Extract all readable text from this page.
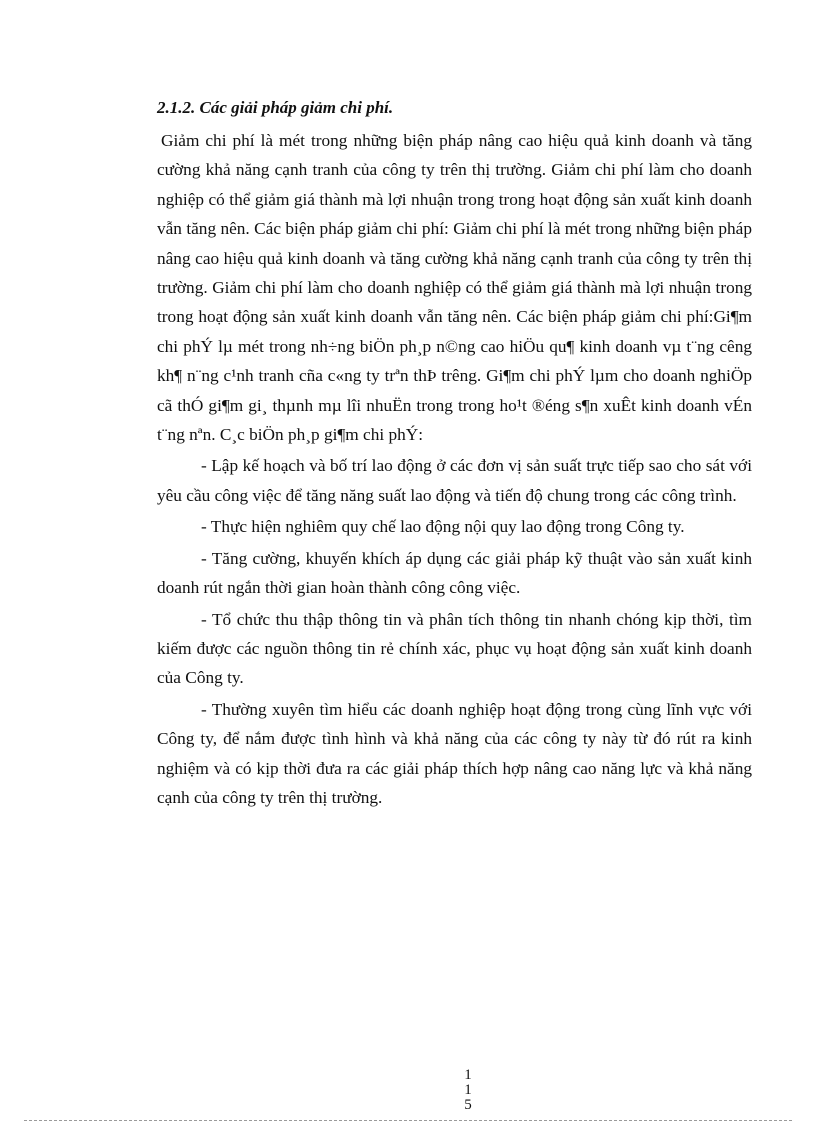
2.1.2. Các giải pháp giảm chi phí.

Giảm chi phí là mét trong những biện pháp nâng cao hiệu quả kinh doanh và tăng cường khả năng cạnh tranh của công ty trên thị trường. Giảm chi phí làm cho doanh nghiệp có thể giảm giá thành mà lợi nhuận trong trong hoạt động sản xuất kinh doanh vẫn tăng nên. Các biện pháp giảm chi phí: Giảm chi phí là mét trong những biện pháp nâng cao hiệu quả kinh doanh và tăng cường khả năng cạnh tranh của công ty trên thị trường. Giảm chi phí làm cho doanh nghiệp có thể giảm giá thành mà lợi nhuận trong trong hoạt động sản xuất kinh doanh vẫn tăng nên. Các biện pháp giảm chi phí:Gi¶m chi phÝ lµ mét trong nh÷ng biÖn ph¸p n©ng cao hiÖu qu¶ kinh doanh vµ t¨ng cêng kh¶ n¨ng c¹nh tranh cña c«ng ty trªn thÞ trêng. Gi¶m chi phÝ lµm cho doanh nghiÖp cã thÓ gi¶m gi¸ thµnh mµ lîi nhuËn trong trong ho¹t ®éng s¶n xuÊt kinh doanh vÉn t¨ng nªn. C¸c biÖn ph¸p gi¶m chi phÝ:

- Lập kế hoạch và bố trí lao động ở các đơn vị sản suất trực tiếp sao cho sát với yêu cầu công việc để tăng năng suất lao động và tiến độ chung trong các công trình.

- Thực hiện nghiêm quy chế lao động nội quy lao động trong Công ty.

- Tăng cường, khuyến khích áp dụng các giải pháp kỹ thuật vào sản xuất kinh doanh rút ngắn thời gian hoàn thành công công việc.

- Tổ chức thu thập thông tin và phân tích thông tin nhanh chóng kịp thời, tìm kiếm được các nguồn thông tin rẻ chính xác, phục vụ hoạt động sản xuất kinh doanh của Công ty.

- Thường xuyên tìm hiểu các doanh nghiệp hoạt động trong cùng lĩnh vực với Công ty, để nắm được tình hình và khả năng của các công ty này từ đó rút ra kinh nghiệm và có kịp thời đưa ra các giải pháp thích hợp nâng cao năng lực và khả năng cạnh của công ty trên thị trường.

1
1
5
